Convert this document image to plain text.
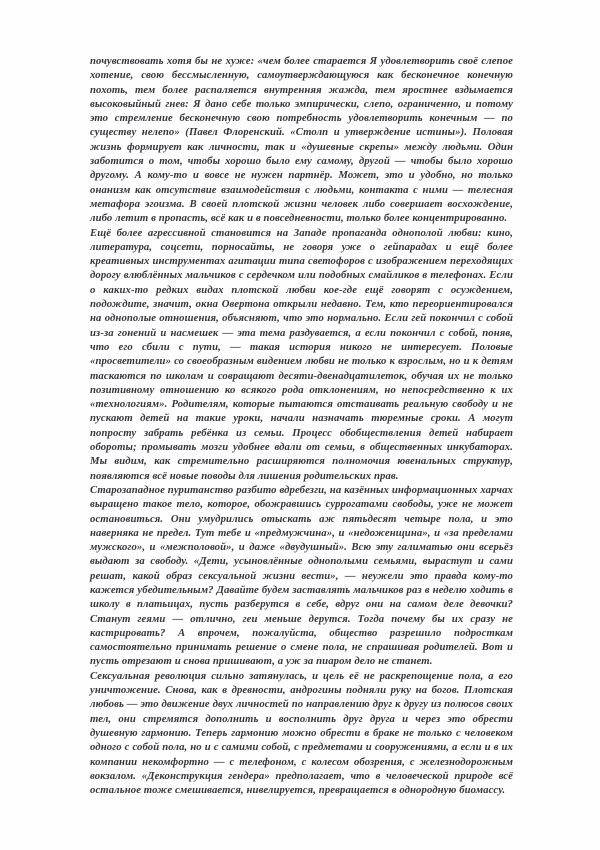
почувствовать хотя бы не хуже: «чем более старается Я удовлетворить своё слепое хотение, свою бессмысленную, самоутверждающуюся как бесконечное конечную похоть, тем более распаляется внутренняя жажда, тем яростнее вздымается высоковыйный гнев: Я дано себе только эмпирически, слепо, ограниченно, и потому это стремление бесконечную свою потребность удовлетворить конечным — по существу нелепо» (Павел Флоренский. «Столп и утверждение истины»). Половая жизнь формирует как личности, так и «душевные скрепы» между людьми. Один заботится о том, чтобы хорошо было ему самому, другой — чтобы было хорошо другому. А кому-то и вовсе не нужен партнёр. Может, это и удобно, но только онанизм как отсутствие взаимодействия с людьми, контакта с ними — телесная метафора эгоизма. В своей плотской жизни человек либо совершает восхождение, либо летит в пропасть, всё как и в повседневности, только более концентрированно.

Ещё более агрессивной становится на Западе пропаганда однополой любви: кино, литература, соцсети, порносайты, не говоря уже о гейпарадах и ещё более креативных инструментах агитации типа светофоров с изображением переходящих дорогу влюблённых мальчиков с сердечком или подобных смайликов в телефонах. Если о каких-то редких видах плотской любви кое-где ещё говорят с осуждением, подождите, значит, окна Овертона открыли недавно. Тем, кто переориентировался на однополые отношения, объясняют, что это нормально. Если гей покончил с собой из-за гонений и насмешек — эта тема раздувается, а если покончил с собой, поняв, что его сбили с пути, — такая история никого не интересует. Половые «просветители» со своеобразным видением любви не только к взрослым, но и к детям таскаются по школам и совращают десяти-двенадцатилеток, обучая их не только позитивному отношению ко всякого рода отклонениям, но непосредственно к их «технологиям». Родителям, которые пытаются отстаивать реальную свободу и не пускают детей на такие уроки, начали назначать тюремные сроки. А могут попросту забрать ребёнка из семьи. Процесс обобществления детей набирает обороты; промывать мозги удобнее вдали от семьи, в общественных инкубаторах. Мы видим, как стремительно расширяются полномочия ювенальных структур, появляются всё новые поводы для лишения родительских прав.

Старозападное пуританство разбито вдребезги, на казённых информационных харчах выращено такое тело, которое, обожравшись суррогатами свободы, уже не может остановиться. Они умудрились отыскать аж пятьдесят четыре пола, и это наверняка не предел. Тут тебе и «предмужчина», и «недоженщина», и «за пределами мужского», и «межполовой», и даже «двудушный». Всю эту галиматью они всерьёз выдают за свободу. «Дети, усыновлённые однополыми семьями, вырастут и сами решат, какой образ сексуальной жизни вести», — неужели это правда кому-то кажется убедительным? Давайте будем заставлять мальчиков раз в неделю ходить в школу в платьицах, пусть разберутся в себе, вдруг они на самом деле девочки? Станут геями — отлично, геи меньше дерутся. Тогда почему бы их сразу не кастрировать? А впрочем, пожалуйста, общество разрешило подросткам самостоятельно принимать решение о смене пола, не спрашивая родителей. Вот и пусть отрезают и снова пришивают, а уж за пиаром дело не станет.

Сексуальная революция сильно затянулась, и цель её не раскрепощение пола, а его уничтожение. Снова, как в древности, андрогины подняли руку на богов. Плотская любовь — это движение двух личностей по направлению друг к другу из полюсов своих тел, они стремятся дополнить и восполнить друг друга и через это обрести душевную гармонию. Теперь гармонию можно обрести в браке не только с человеком одного с собой пола, но и с самими собой, с предметами и сооружениями, а если и в их компании некомфортно — с телефоном, с колесом обозрения, с железнодорожным вокзалом. «Деконструкция гендера» предполагает, что в человеческой природе всё остальное тоже смешивается, нивелируется, превращается в однородную биомассу.
